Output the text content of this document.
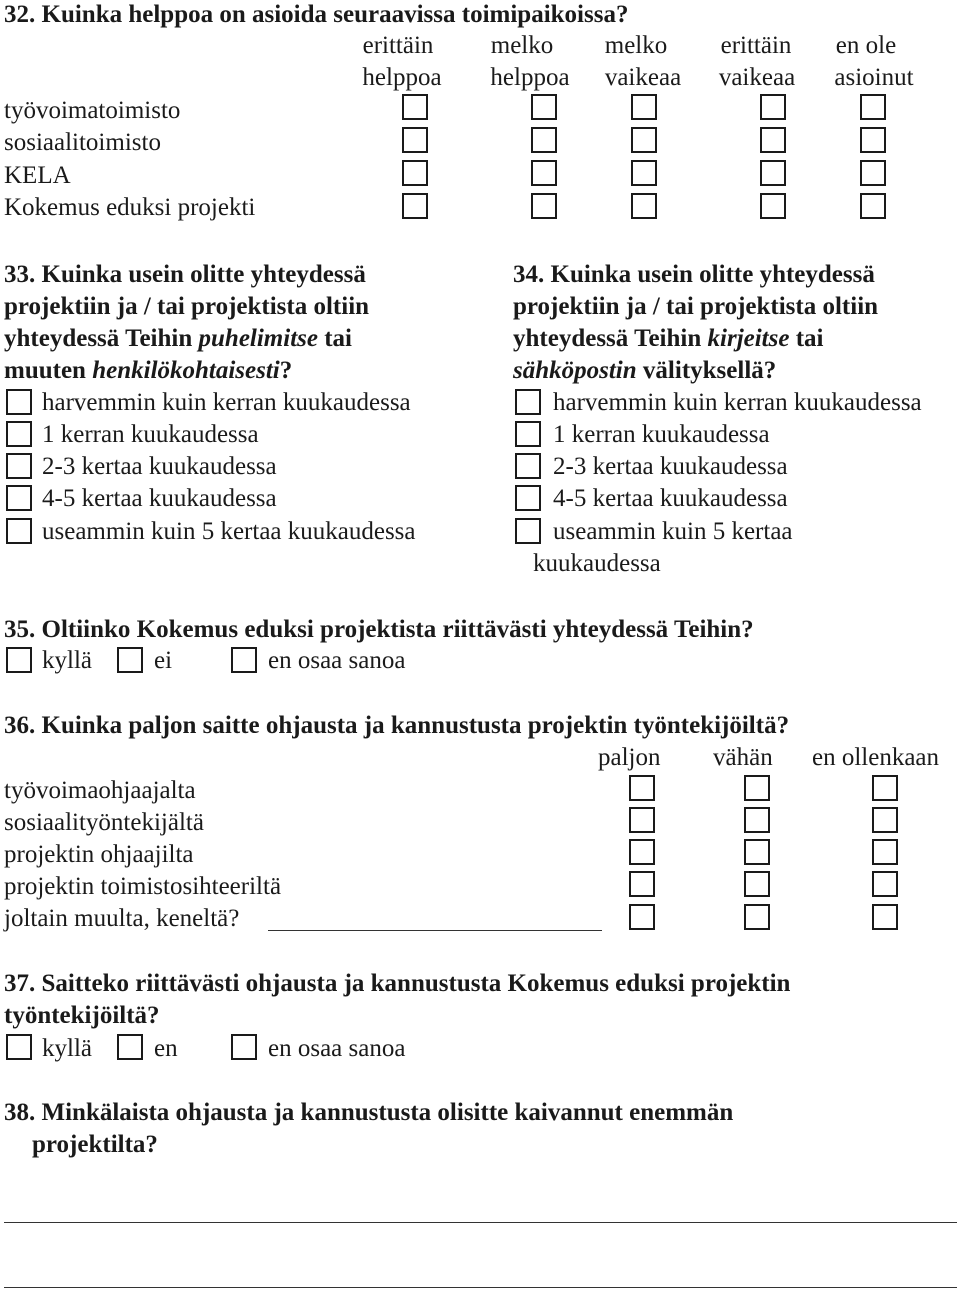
32. Kuinka helppoa on asioida seuraavissa toimipaikoissa?
erittäin
helppoa
melko
helppoa
melko
vaikeaa
erittäin
vaikeaa
en ole
asioinut
työvoimatoimisto
sosiaalitoimisto
KELA
Kokemus eduksi projekti
33. Kuinka usein olitte yhteydessä
projektiin ja / tai projektista oltiin
yhteydessä Teihin puhelimitse tai
muuten henkilökohtaisesti?
harvemmin kuin kerran kuukaudessa
1 kerran kuukaudessa
2-3 kertaa kuukaudessa
4-5 kertaa kuukaudessa
useammin kuin 5 kertaa kuukaudessa
34. Kuinka usein olitte yhteydessä
projektiin ja / tai projektista oltiin
yhteydessä Teihin kirjeitse tai
sähköpostin välityksellä?
harvemmin kuin kerran kuukaudessa
1 kerran kuukaudessa
2-3 kertaa kuukaudessa
4-5 kertaa kuukaudessa
useammin kuin 5 kertaa
kuukaudessa
35. Oltiinko Kokemus eduksi projektista riittävästi yhteydessä Teihin?
kyllä ei	en osaa sanoa
36. Kuinka paljon saitte ohjausta ja kannustusta projektin työntekijöiltä?
paljon vähän en ollenkaan
työvoimaohjaajalta
sosiaalityöntekijältä
projektin ohjaajilta
projektin toimistosihteeriltä
joltain muulta, keneltä?
37. Saitteko riittävästi ohjausta ja kannustusta Kokemus eduksi projektin
työntekijöiltä?
kyllä en	en osaa sanoa
38. Minkälaista ohjausta ja kannustusta olisitte kaivannut enemmän
projektilta?
